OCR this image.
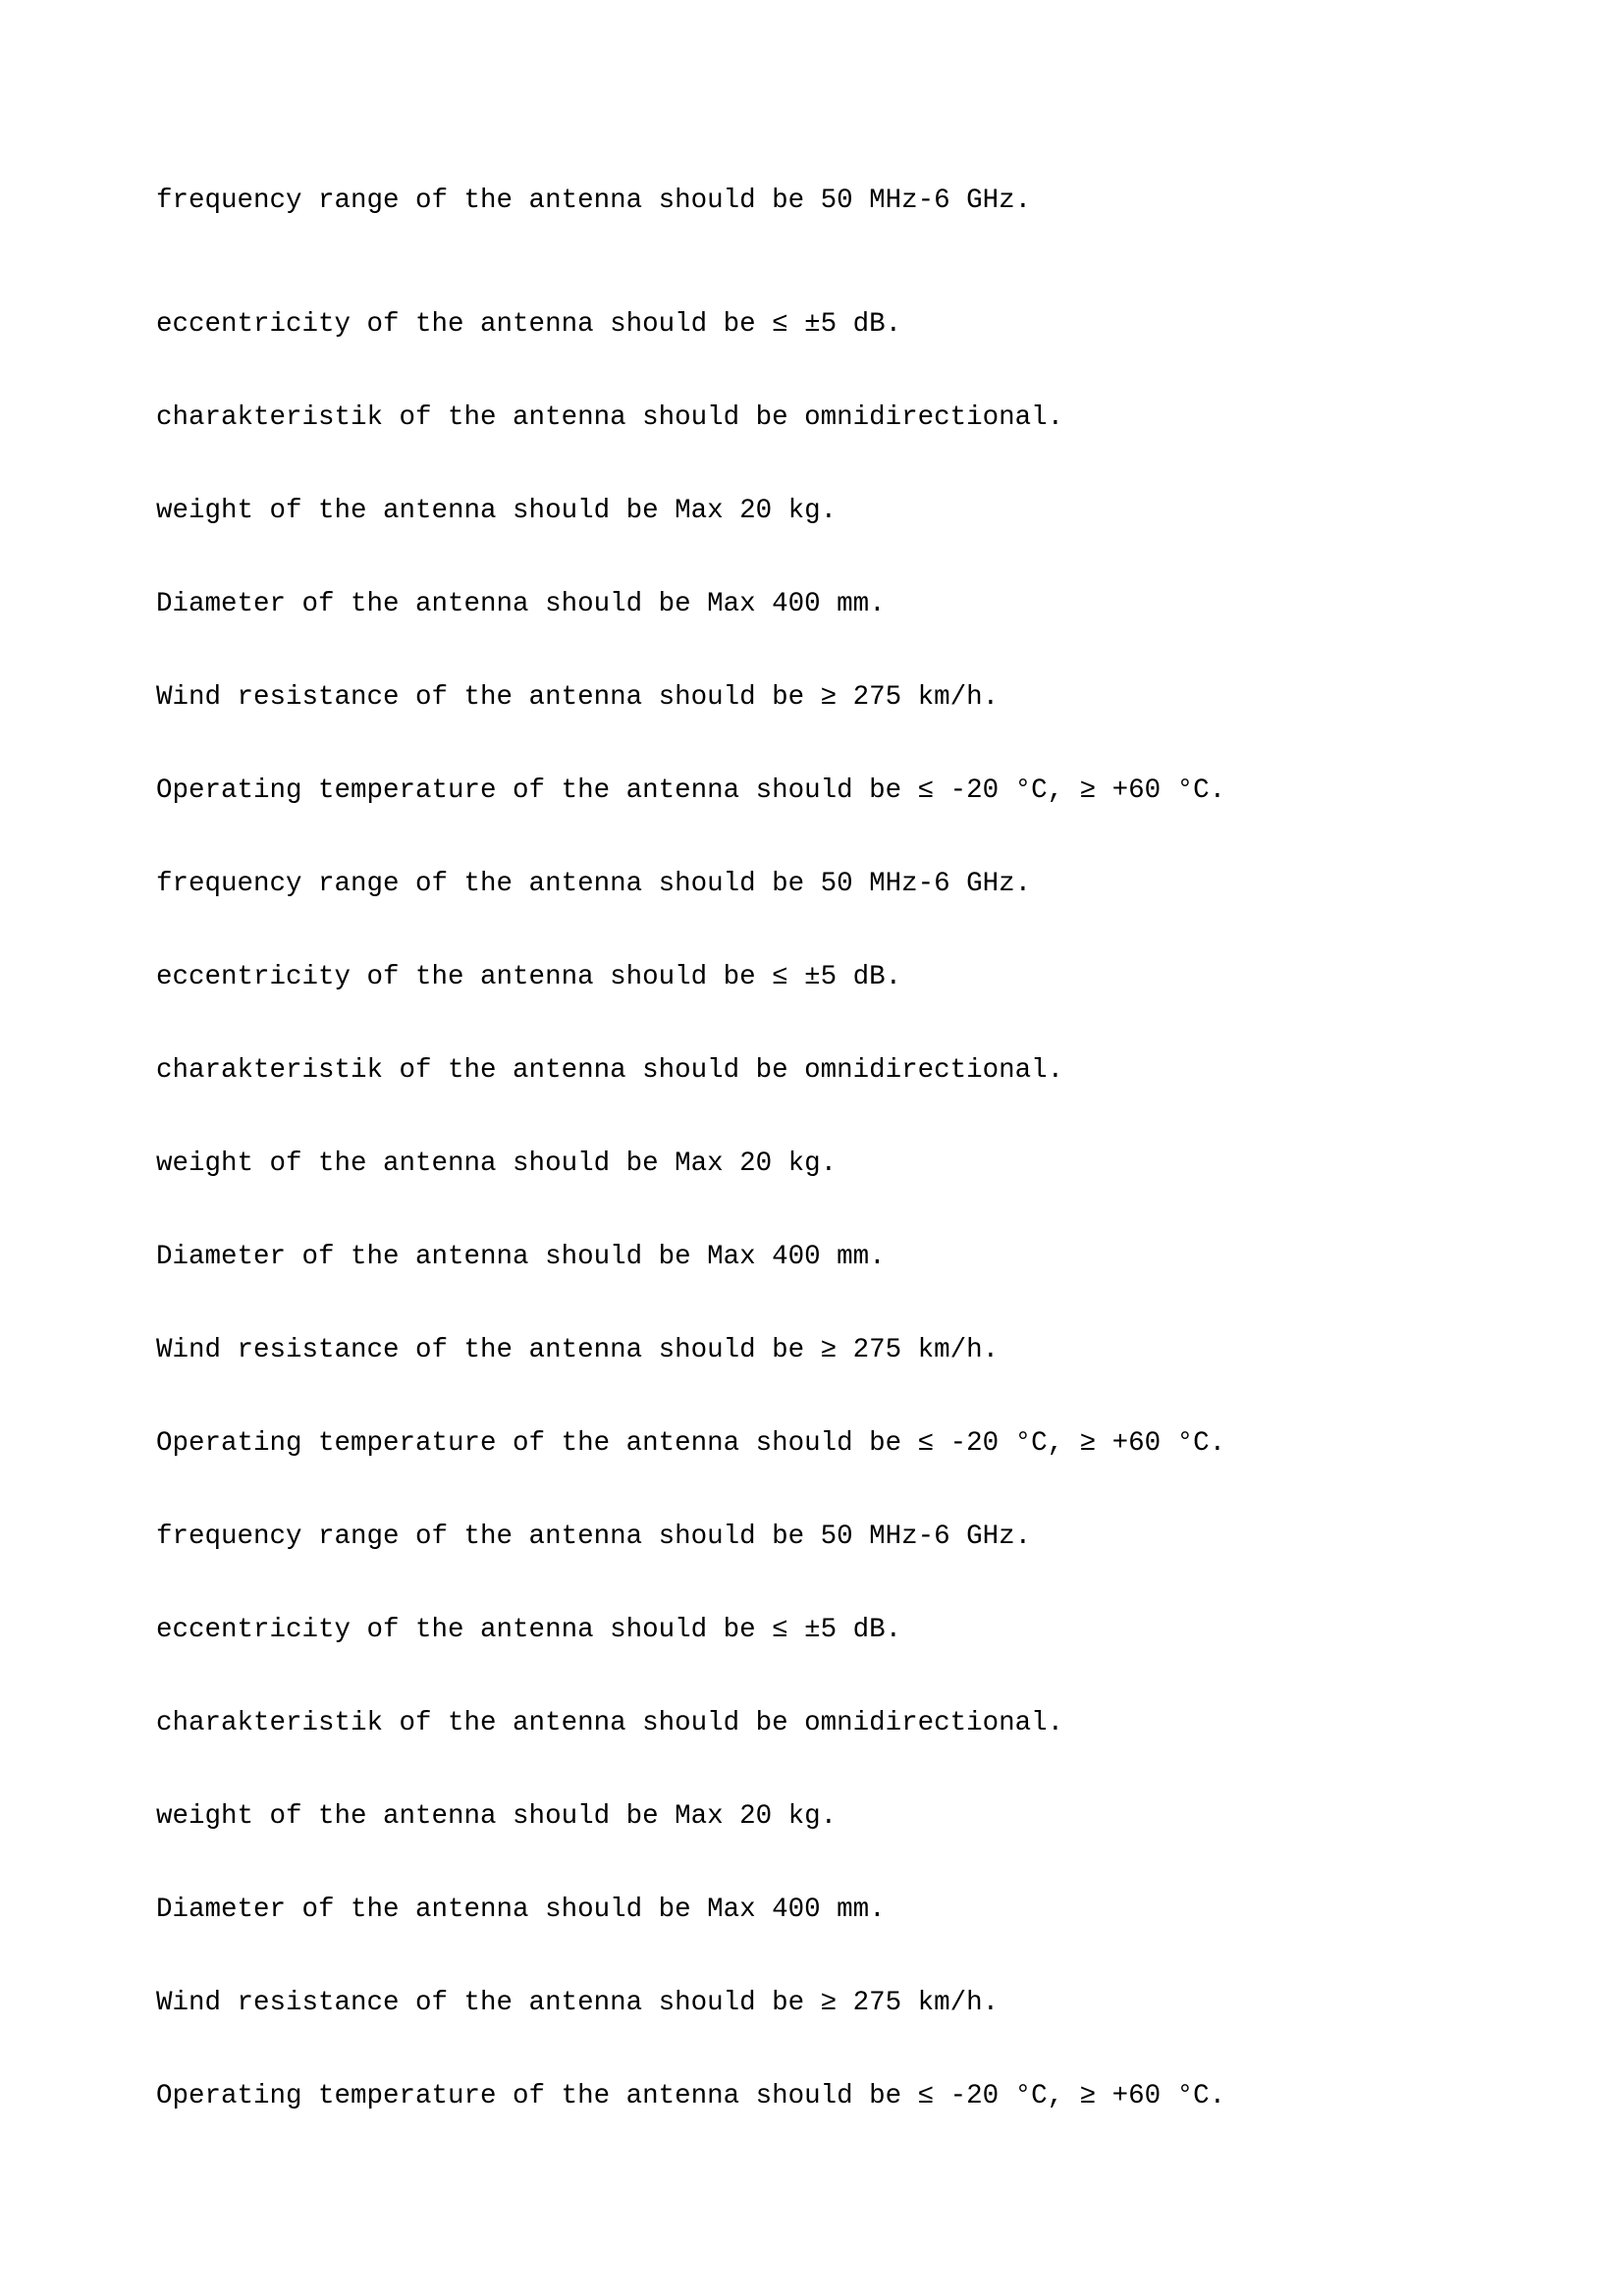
frequency range of the antenna should be 50 MHz-6 GHz.

eccentricity of the antenna should be ≤ ±5 dB.

charakteristik of the antenna should be omnidirectional.

weight of the antenna should be Max 20 kg.

Diameter of the antenna should be Max 400 mm.

Wind resistance of the antenna should be ≥ 275 km/h.

Operating temperature of the antenna should be ≤ -20 °C, ≥ +60 °C.

frequency range of the antenna should be 50 MHz-6 GHz.

eccentricity of the antenna should be ≤ ±5 dB.

charakteristik of the antenna should be omnidirectional.

weight of the antenna should be Max 20 kg.

Diameter of the antenna should be Max 400 mm.

Wind resistance of the antenna should be ≥ 275 km/h.

Operating temperature of the antenna should be ≤ -20 °C, ≥ +60 °C.

frequency range of the antenna should be 50 MHz-6 GHz.

eccentricity of the antenna should be ≤ ±5 dB.

charakteristik of the antenna should be omnidirectional.

weight of the antenna should be Max 20 kg.

Diameter of the antenna should be Max 400 mm.

Wind resistance of the antenna should be ≥ 275 km/h.

Operating temperature of the antenna should be ≤ -20 °C, ≥ +60 °C.
